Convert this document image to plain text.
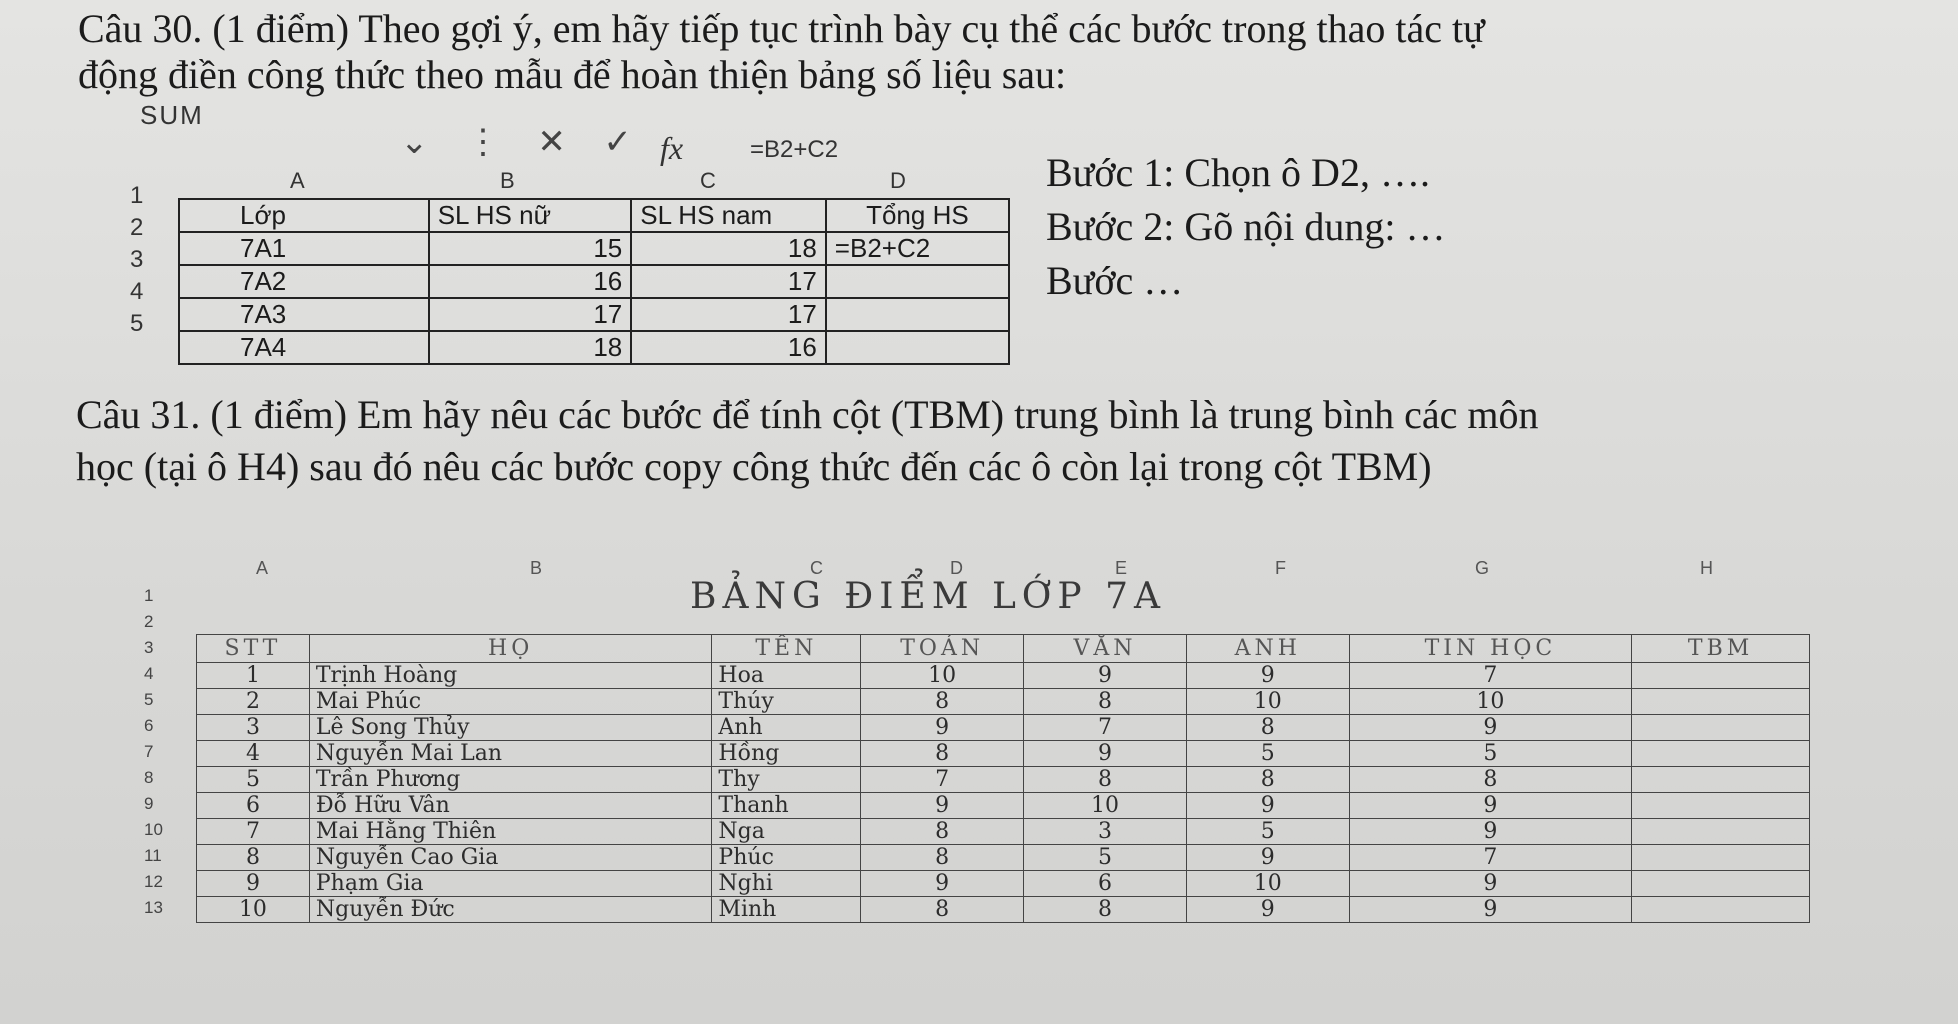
Câu 30. (1 điểm) Theo gợi ý, em hãy tiếp tục trình bày cụ thể các bước trong thao tác tự
động điền công thức theo mẫu để hoàn thiện bảng số liệu sau:
SUM
⌄ ⋮ ✕ ✓ fx	=B2+C2
A	B	C	D
1
2
3
4
5
Lớp	SL HS nữ	SL HS nam	Tổng HS
7A1	15	18	=B2+C2
7A2	16	17	
7A3	17	17	
7A4	18	16	
Bước 1: Chọn ô D2, ….
Bước 2: Gõ nội dung: …
Bước …
Câu 31. (1 điểm) Em hãy nêu các bước để tính cột (TBM) trung bình là trung bình các môn
học (tại ô H4) sau đó nêu các bước copy công thức đến các ô còn lại trong cột TBM)
A	B	C	D	E	F	G	H
1
2
3
4
5
6
7
8
9
10
11
12
13
BẢNG ĐIỂM LỚP 7A
STT	HỌ	TÊN	TOÁN	VĂN	ANH	TIN HỌC	TBM
1	Trịnh Hoàng	Hoa	10	9	9	7	
2	Mai Phúc	Thúy	8	8	10	10	
3	Lê Song Thủy	Anh	9	7	8	9	
4	Nguyễn Mai Lan	Hồng	8	9	5	5	
5	Trần Phương	Thy	7	8	8	8	
6	Đỗ Hữu Vân	Thanh	9	10	9	9	
7	Mai Hằng Thiên	Nga	8	3	5	9	
8	Nguyễn Cao Gia	Phúc	8	5	9	7	
9	Phạm Gia	Nghi	9	6	10	9	
10	Nguyễn Đức	Minh	8	8	9	9	
